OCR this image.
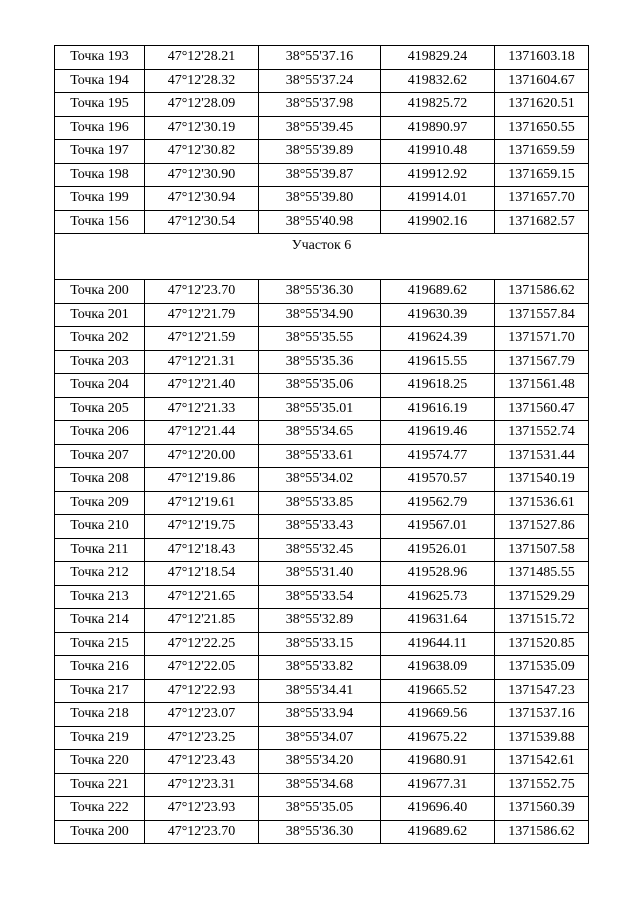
Точка 193	47°12'28.21	38°55'37.16	419829.24	1371603.18
Точка 194	47°12'28.32	38°55'37.24	419832.62	1371604.67
Точка 195	47°12'28.09	38°55'37.98	419825.72	1371620.51
Точка 196	47°12'30.19	38°55'39.45	419890.97	1371650.55
Точка 197	47°12'30.82	38°55'39.89	419910.48	1371659.59
Точка 198	47°12'30.90	38°55'39.87	419912.92	1371659.15
Точка 199	47°12'30.94	38°55'39.80	419914.01	1371657.70
Точка 156	47°12'30.54	38°55'40.98	419902.16	1371682.57
Участок 6				
Точка 200	47°12'23.70	38°55'36.30	419689.62	1371586.62
Точка 201	47°12'21.79	38°55'34.90	419630.39	1371557.84
Точка 202	47°12'21.59	38°55'35.55	419624.39	1371571.70
Точка 203	47°12'21.31	38°55'35.36	419615.55	1371567.79
Точка 204	47°12'21.40	38°55'35.06	419618.25	1371561.48
Точка 205	47°12'21.33	38°55'35.01	419616.19	1371560.47
Точка 206	47°12'21.44	38°55'34.65	419619.46	1371552.74
Точка 207	47°12'20.00	38°55'33.61	419574.77	1371531.44
Точка 208	47°12'19.86	38°55'34.02	419570.57	1371540.19
Точка 209	47°12'19.61	38°55'33.85	419562.79	1371536.61
Точка 210	47°12'19.75	38°55'33.43	419567.01	1371527.86
Точка 211	47°12'18.43	38°55'32.45	419526.01	1371507.58
Точка 212	47°12'18.54	38°55'31.40	419528.96	1371485.55
Точка 213	47°12'21.65	38°55'33.54	419625.73	1371529.29
Точка 214	47°12'21.85	38°55'32.89	419631.64	1371515.72
Точка 215	47°12'22.25	38°55'33.15	419644.11	1371520.85
Точка 216	47°12'22.05	38°55'33.82	419638.09	1371535.09
Точка 217	47°12'22.93	38°55'34.41	419665.52	1371547.23
Точка 218	47°12'23.07	38°55'33.94	419669.56	1371537.16
Точка 219	47°12'23.25	38°55'34.07	419675.22	1371539.88
Точка 220	47°12'23.43	38°55'34.20	419680.91	1371542.61
Точка 221	47°12'23.31	38°55'34.68	419677.31	1371552.75
Точка 222	47°12'23.93	38°55'35.05	419696.40	1371560.39
Точка 200	47°12'23.70	38°55'36.30	419689.62	1371586.62
